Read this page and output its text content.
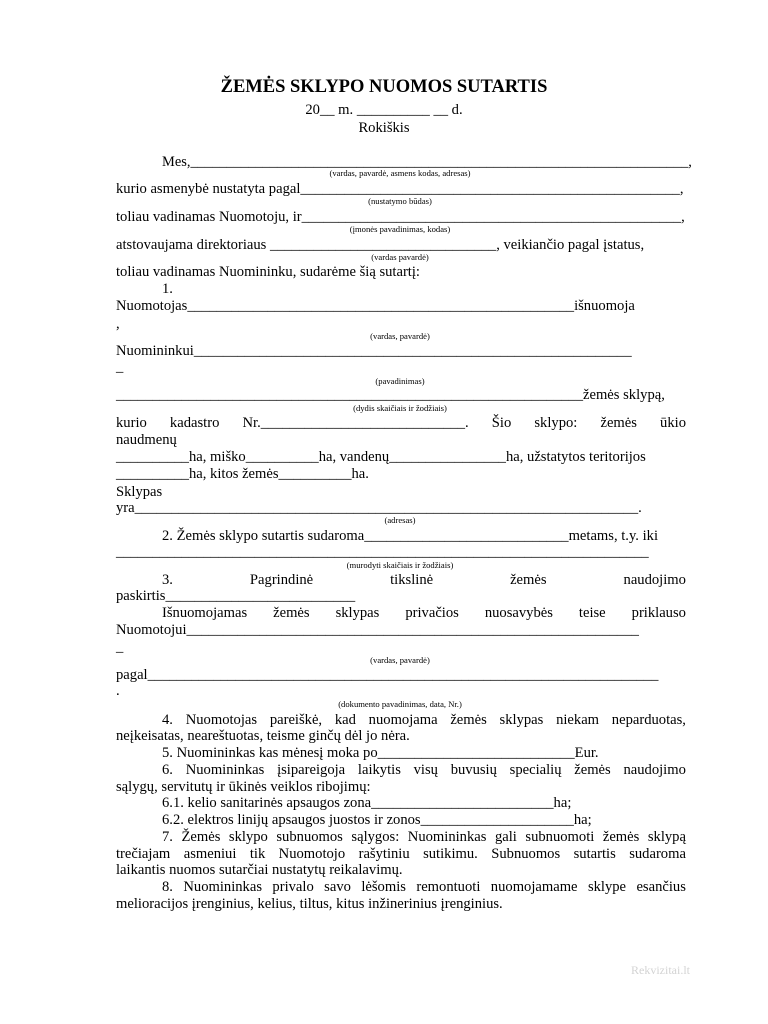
ŽEMĖS SKLYPO NUOMOS SUTARTIS
20__ m. __________ __ d.
Rokiškis
Mes,_____________________________________________________________________,
(vardas, pavardė, asmens kodas, adresas)
kurio asmenybė nustatyta pagal____________________________________________________,
(nustatymo būdas)
toliau vadinamas Nuomotoju, ir____________________________________________________,
(įmonės pavadinimas, kodas)
atstovaujama direktoriaus _______________________________, veikiančio pagal įstatus,
(vardas pavardė)
toliau vadinamas Nuomininku, sudarėme šią sutartį:
1.
Nuomotojas_____________________________________________________išnuomoja
,
(vardas, pavardė)
Nuomininkui____________________________________________________________
_
(pavadinimas)
________________________________________________________________žemės sklypą,
(dydis skaičiais ir žodžiais)
kurio kadastro Nr.____________________________. Šio sklypo: žemės ūkio
naudmenų
__________ha, miško__________ha, vandenų________________ha, užstatytos teritorijos
__________ha, kitos žemės__________ha.
Sklypas
yra_____________________________________________________________________.
(adresas)
2. Žemės sklypo sutartis sudaroma____________________________metams, t.y. iki
_________________________________________________________________________
(murodyti skaičiais ir žodžiais)
3.	Pagrindinė	tikslinė	žemės	naudojimo
paskirtis__________________________
Išnuomojamas žemės sklypas privačios nuosavybės teise priklauso
Nuomotojui______________________________________________________________
_
(vardas, pavardė)
pagal______________________________________________________________________
.
(dokumento pavadinimas, data, Nr.)
4. Nuomotojas pareiškė, kad nuomojama žemės sklypas niekam neparduotas,
neįkeisatas, neareštuotas, teisme ginčų dėl jo nėra.
5. Nuomininkas kas mėnesį moka po___________________________Eur.
6. Nuomininkas įsipareigoja laikytis visų buvusių specialių žemės naudojimo
sąlygų, servitutų ir ūkinės veiklos ribojimų:
6.1. kelio sanitarinės apsaugos zona_________________________ha;
6.2. elektros linijų apsaugos juostos ir zonos_____________________ha;
7. Žemės sklypo subnuomos sąlygos: Nuomininkas gali subnuomoti žemės sklypą
trečiajam asmeniui tik Nuomotojo rašytiniu sutikimu. Subnuomos sutartis sudaroma
laikantis nuomos sutarčiai nustatytų reikalavimų.
8. Nuomininkas privalo savo lėšomis remontuoti nuomojamame sklype esančius
melioracijos įrenginius, kelius, tiltus, kitus inžinerinius įrenginius.
Rekvizitai.lt
